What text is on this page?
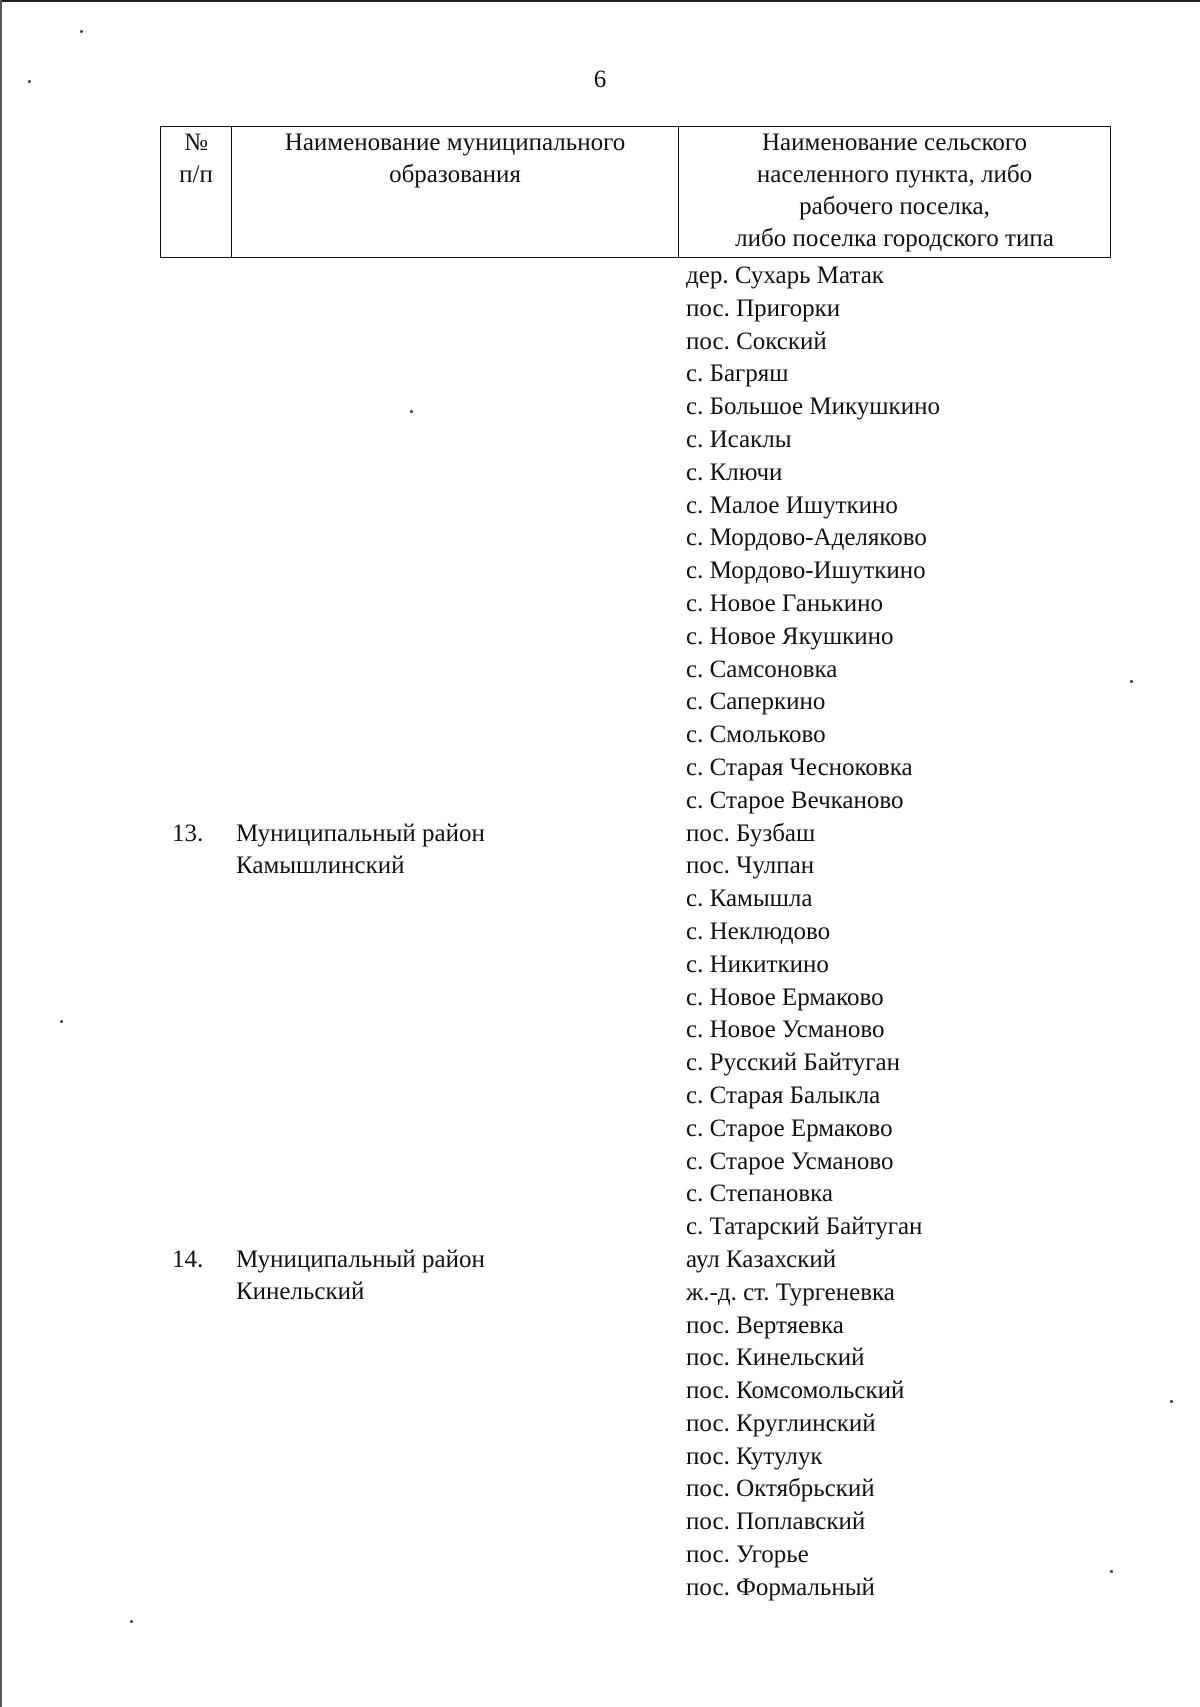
6
№
п/п
Наименование муниципального
образования
Наименование сельского
населенного пункта, либо
рабочего поселка,
либо поселка городского типа
дер. Сухарь Матак
пос. Пригорки
пос. Сокский
с. Багряш
с. Большое Микушкино
с. Исаклы
с. Ключи
с. Малое Ишуткино
с. Мордово-Аделяково
с. Мордово-Ишуткино
с. Новое Ганькино
с. Новое Якушкино
с. Самсоновка
с. Саперкино
с. Смольково
с. Старая Чесноковка
с. Старое Вечканово
пос. Бузбаш
пос. Чулпан
с. Камышла
с. Неклюдово
с. Никиткино
с. Новое Ермаково
с. Новое Усманово
с. Русский Байтуган
с. Старая Балыкла
с. Старое Ермаково
с. Старое Усманово
с. Степановка
с. Татарский Байтуган
аул Казахский
ж.-д. ст. Тургеневка
пос. Вертяевка
пос. Кинельский
пос. Комсомольский
пос. Круглинский
пос. Кутулук
пос. Октябрьский
пос. Поплавский
пос. Угорье
пос. Формальный
13.	Муниципальный район
Камышлинский
14.	Муниципальный район
Кинельский
